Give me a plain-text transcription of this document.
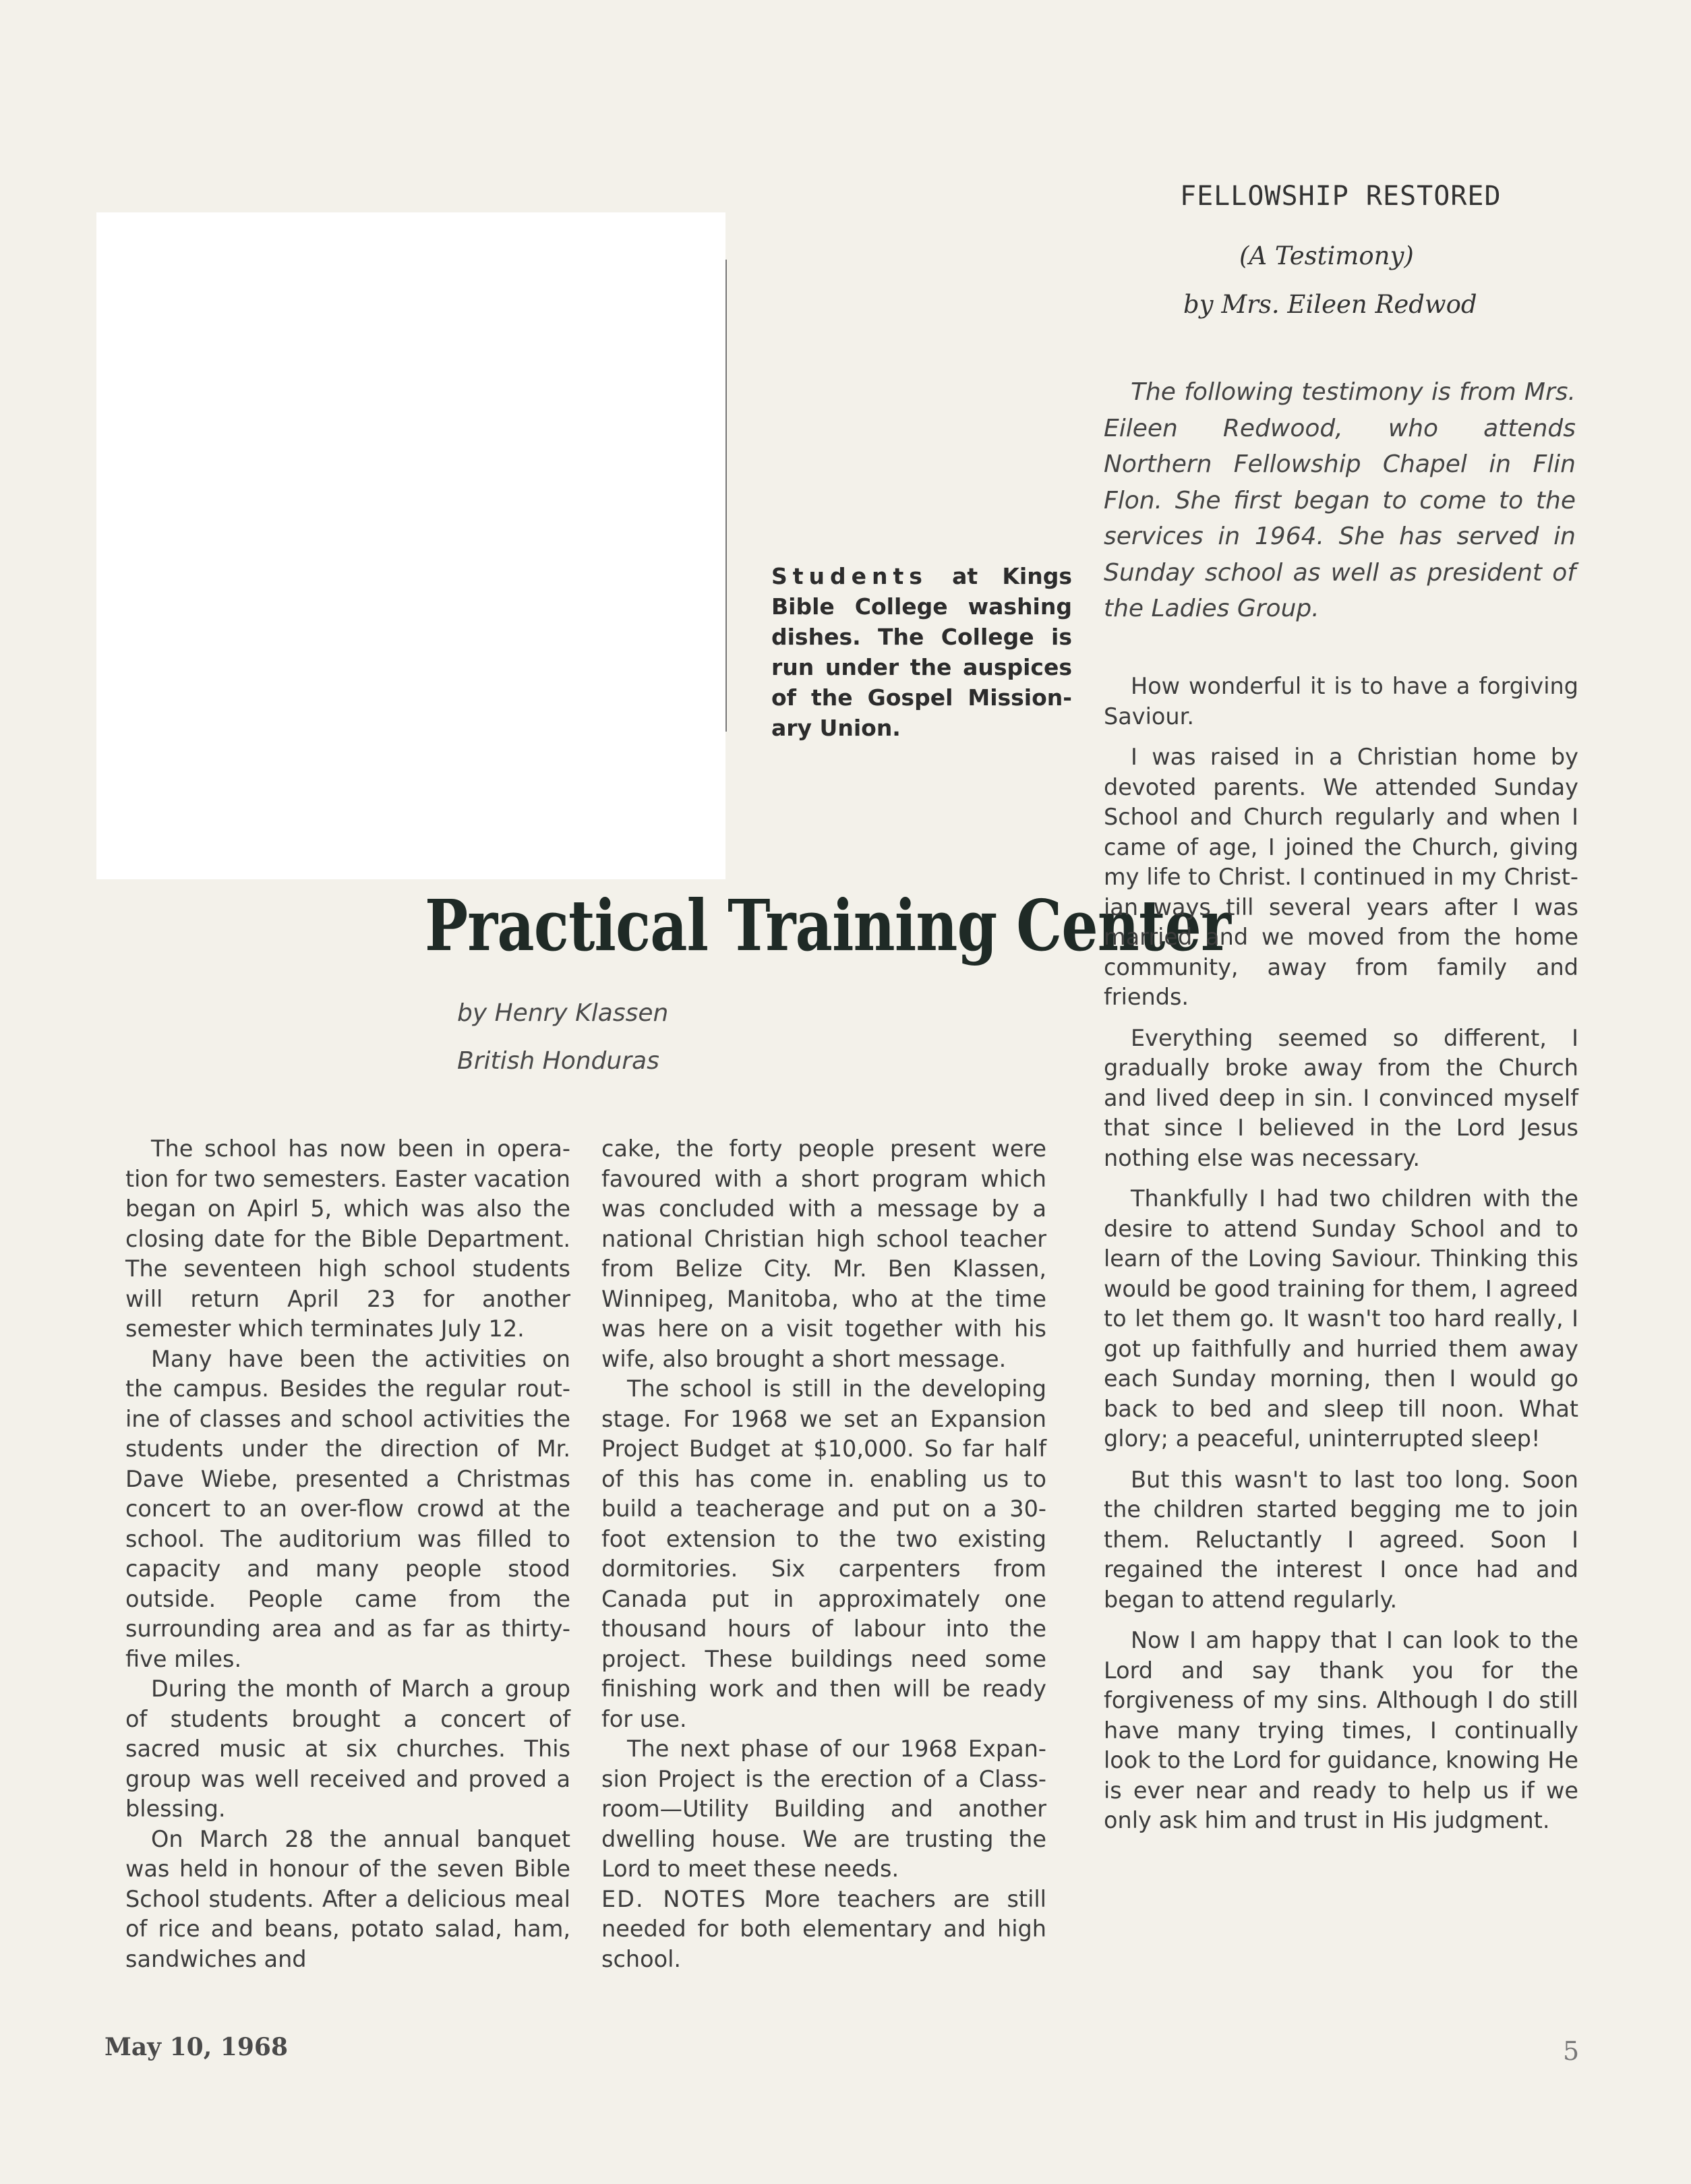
Students at Kings Bible College washing dishes. The College is run under the auspices of the Gospel Missionary Union.
FELLOWSHIP RESTORED
(A Testimony)
by Mrs. Eileen Redwod

The following testimony is from Mrs. Eileen Redwood, who attends Northern Fellowship Chapel in Flin Flon. She first began to come to the services in 1964. She has served in Sunday school as well as president of the Ladies Group.

Practical Training Center
by Henry Klassen
British Honduras

The school has now been in operation for two semesters. Easter vacation began on Apirl 5, which was also the closing date for the Bible Department. The seventeen high school students will return April 23 for another semester which terminates July 12.

Many have been the activities on the campus. Besides the regular routine of classes and school activities the students under the direction of Mr. Dave Wiebe, presented a Christmas concert to an over-flow crowd at the school. The auditorium was filled to capacity and many people stood outside. People came from the surrounding area and as far as thirty-five miles.

During the month of March a group of students brought a concert of sacred music at six churches. This group was well received and proved a blessing.

On March 28 the annual banquet was held in honour of the seven Bible School students. After a delicious meal of rice and beans, potato salad, ham, sandwiches and

cake, the forty people present were favoured with a short program which was concluded with a message by a national Christian high school teacher from Belize City. Mr. Ben Klassen, Winnipeg, Manitoba, who at the time was here on a visit together with his wife, also brought a short message.

The school is still in the developing stage. For 1968 we set an Expansion Project Budget at $10,000. So far half of this has come in. enabling us to build a teacherage and put on a 30-foot extension to the two existing dormitories. Six carpenters from Canada put in approximately one thousand hours of labour into the project. These buildings need some finishing work and then will be ready for use.

The next phase of our 1968 Expansion Project is the erection of a Classroom—Utility Building and another dwelling house. We are trusting the Lord to meet these needs.

ED. NOTES More teachers are still needed for both elementary and high school.

How wonderful it is to have a forgiving Saviour.

I was raised in a Christian home by devoted parents. We attended Sunday School and Church regularly and when I came of age, I joined the Church, giving my life to Christ. I continued in my Christian ways till several years after I was married and we moved from the home community, away from family and friends.

Everything seemed so different, I gradually broke away from the Church and lived deep in sin. I convinced myself that since I believed in the Lord Jesus nothing else was necessary.

Thankfully I had two children with the desire to attend Sunday School and to learn of the Loving Saviour. Thinking this would be good training for them, I agreed to let them go. It wasn't too hard really, I got up faithfully and hurried them away each Sunday morning, then I would go back to bed and sleep till noon. What glory; a peaceful, uninterrupted sleep!

But this wasn't to last too long. Soon the children started begging me to join them. Reluctantly I agreed. Soon I regained the interest I once had and began to attend regularly.

Now I am happy that I can look to the Lord and say thank you for the forgiveness of my sins. Although I do still have many trying times, I continually look to the Lord for guidance, knowing He is ever near and ready to help us if we only ask him and trust in His judgment.

May 10, 1968	5
